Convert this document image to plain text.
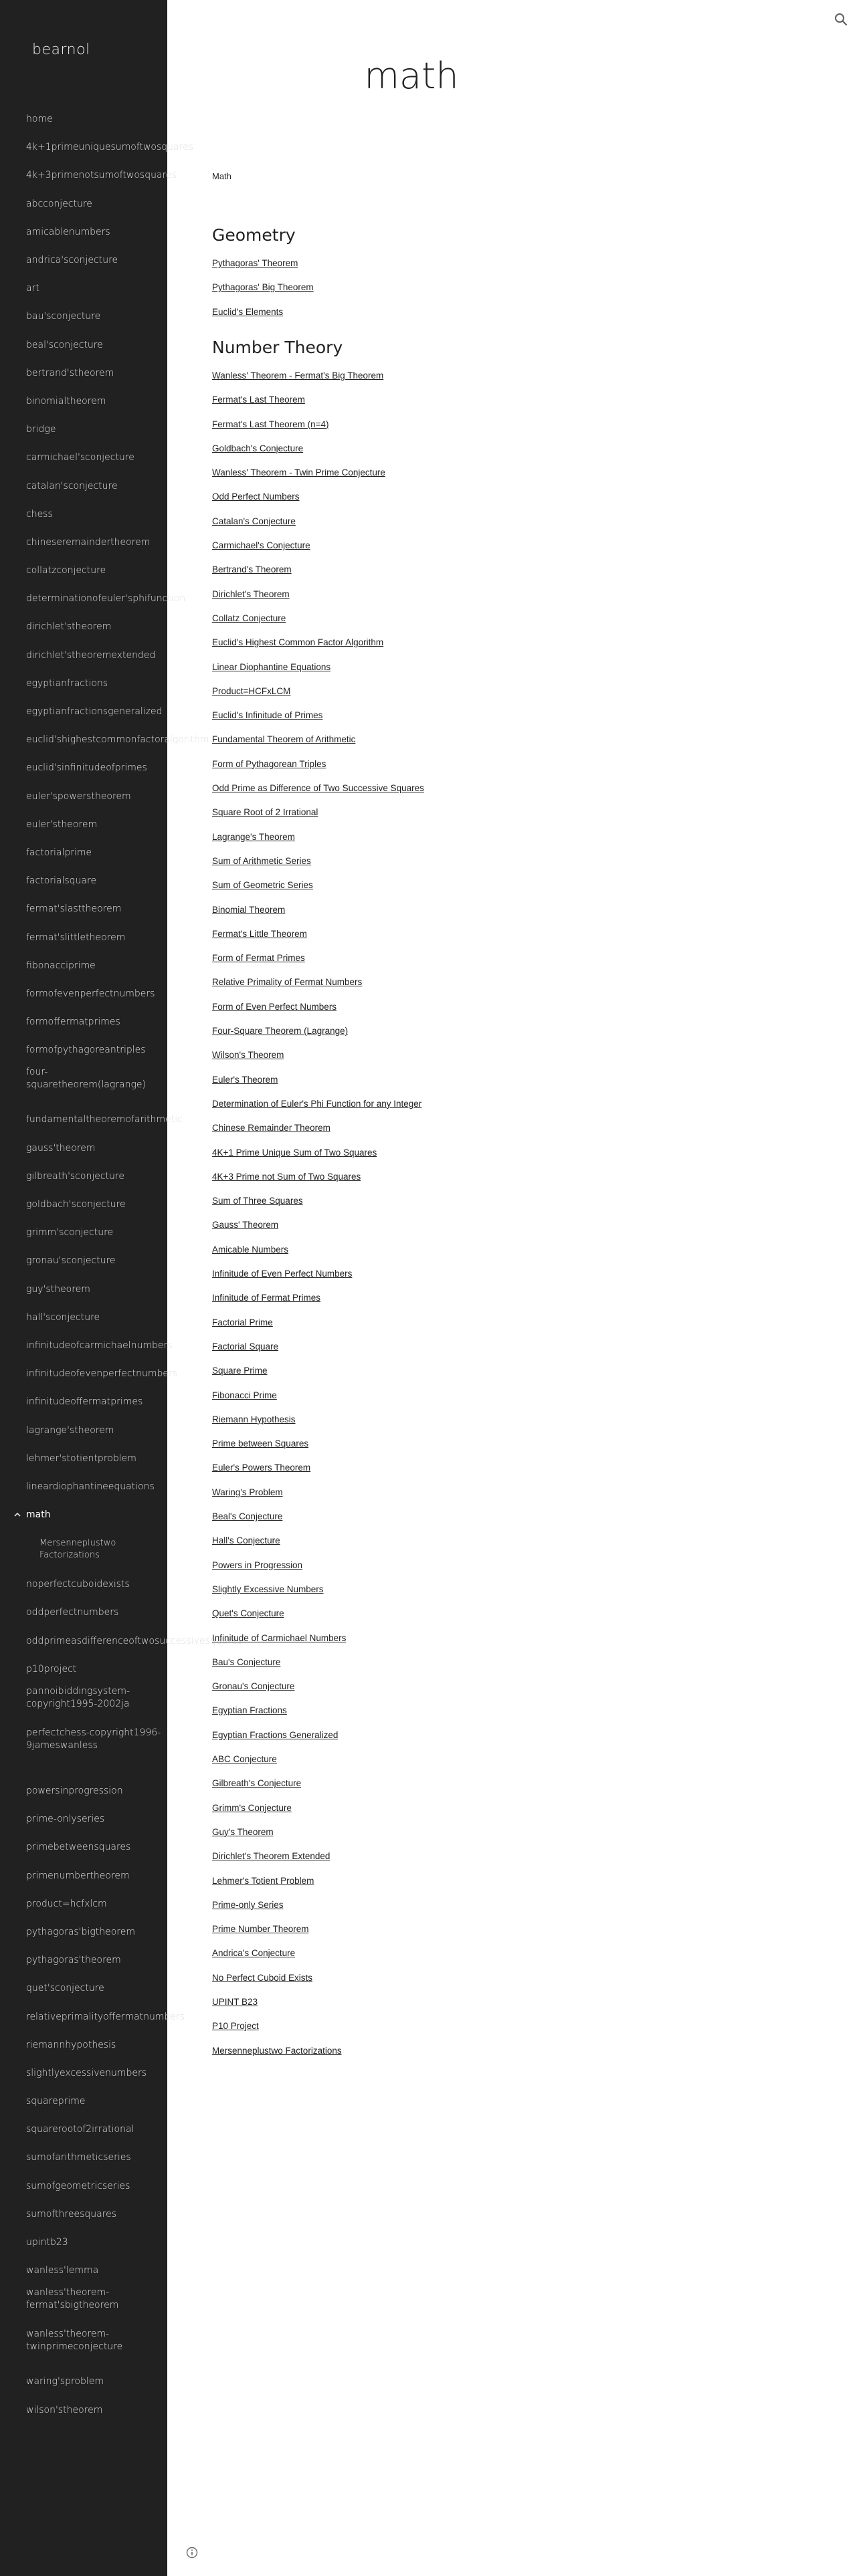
bearnol
home
4k+1primeuniquesumoftwosquares
4k+3primenotsumoftwosquares
abcconjecture
amicablenumbers
andrica'sconjecture
art
bau'sconjecture
beal'sconjecture
bertrand'stheorem
binomialtheorem
bridge
carmichael'sconjecture
catalan'sconjecture
chess
chineseremaindertheorem
collatzconjecture
determinationofeuler'sphifunction
dirichlet'stheorem
dirichlet'stheoremextended
egyptianfractions
egyptianfractionsgeneralized
euclid'shighestcommonfactoralgorithm
euclid'sinfinitudeofprimes
euler'spowerstheorem
euler'stheorem
factorialprime
factorialsquare
fermat'slasttheorem
fermat'slittletheorem
fibonacciprime
formofevenperfectnumbers
formoffermatprimes
formofpythagoreantriples
four-squaretheorem(lagrange)
fundamentaltheoremofarithmetic
gauss'theorem
gilbreath'sconjecture
goldbach'sconjecture
grimm'sconjecture
gronau'sconjecture
guy'stheorem
hall'sconjecture
infinitudeofcarmichaelnumbers
infinitudeofevenperfectnumbers
infinitudeoffermatprimes
lagrange'stheorem
lehmer'stotientproblem
lineardiophantineequations
math
Mersenneplustwo Factorizations
noperfectcuboidexists
oddperfectnumbers
oddprimeasdifferenceoftwosuccessivesquares
p10project
pannoibiddingsystem-copyright1995-2002ja
perfectchess-copyright1996-9jameswanless
powersinprogression
prime-onlyseries
primebetweensquares
primenumbertheorem
product=hcfxlcm
pythagoras'bigtheorem
pythagoras'theorem
quet'sconjecture
relativeprimalityoffermatnumbers
riemannhypothesis
slightlyexcessivenumbers
squareprime
squarerootof2irrational
sumofarithmeticseries
sumofgeometricseries
sumofthreesquares
upintb23
wanless'lemma
wanless'theorem-fermat'sbigtheorem
wanless'theorem-twinprimeconjecture
waring'sproblem
wilson'stheorem
math

Math

Geometry
Pythagoras' Theorem
Pythagoras' Big Theorem
Euclid's Elements
Number Theory
Wanless' Theorem - Fermat's Big Theorem
Fermat's Last Theorem
Fermat's Last Theorem (n=4)
Goldbach's Conjecture
Wanless' Theorem - Twin Prime Conjecture
Odd Perfect Numbers
Catalan's Conjecture
Carmichael's Conjecture
Bertrand's Theorem
Dirichlet's Theorem
Collatz Conjecture
Euclid's Highest Common Factor Algorithm
Linear Diophantine Equations
Product=HCFxLCM
Euclid's Infinitude of Primes
Fundamental Theorem of Arithmetic
Form of Pythagorean Triples
Odd Prime as Difference of Two Successive Squares
Square Root of 2 Irrational
Lagrange's Theorem
Sum of Arithmetic Series
Sum of Geometric Series
Binomial Theorem
Fermat's Little Theorem
Form of Fermat Primes
Relative Primality of Fermat Numbers
Form of Even Perfect Numbers
Four-Square Theorem (Lagrange)
Wilson's Theorem
Euler's Theorem
Determination of Euler's Phi Function for any Integer
Chinese Remainder Theorem
4K+1 Prime Unique Sum of Two Squares
4K+3 Prime not Sum of Two Squares
Sum of Three Squares
Gauss' Theorem
Amicable Numbers
Infinitude of Even Perfect Numbers
Infinitude of Fermat Primes
Factorial Prime
Factorial Square
Square Prime
Fibonacci Prime
Riemann Hypothesis
Prime between Squares
Euler's Powers Theorem
Waring's Problem
Beal's Conjecture
Hall's Conjecture
Powers in Progression
Slightly Excessive Numbers
Quet's Conjecture
Infinitude of Carmichael Numbers
Bau's Conjecture
Gronau's Conjecture
Egyptian Fractions
Egyptian Fractions Generalized
ABC Conjecture
Gilbreath's Conjecture
Grimm's Conjecture
Guy's Theorem
Dirichlet's Theorem Extended
Lehmer's Totient Problem
Prime-only Series
Prime Number Theorem
Andrica's Conjecture
No Perfect Cuboid Exists
UPINT B23
P10 Project
Mersenneplustwo Factorizations
